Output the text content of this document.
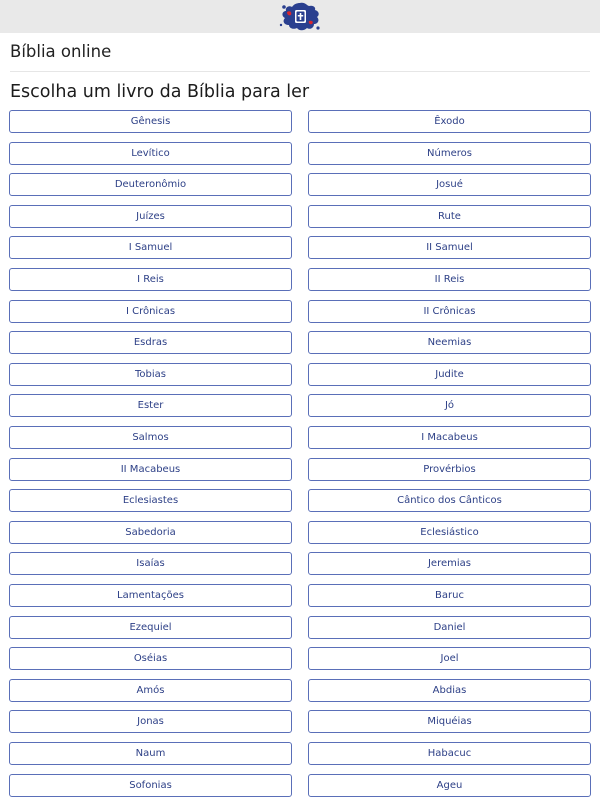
Bíblia online
Escolha um livro da Bíblia para ler
Gênesis	Êxodo
Levítico	Números
Deuteronômio	Josué
Juízes	Rute
I Samuel	II Samuel
I Reis	II Reis
I Crônicas	II Crônicas
Esdras	Neemias
Tobias	Judite
Ester	Jó
Salmos	I Macabeus
II Macabeus	Provérbios
Eclesiastes	Cântico dos Cânticos
Sabedoria	Eclesiástico
Isaías	Jeremias
Lamentações	Baruc
Ezequiel	Daniel
Oséias	Joel
Amós	Abdias
Jonas	Miquéias
Naum	Habacuc
Sofonias	Ageu
